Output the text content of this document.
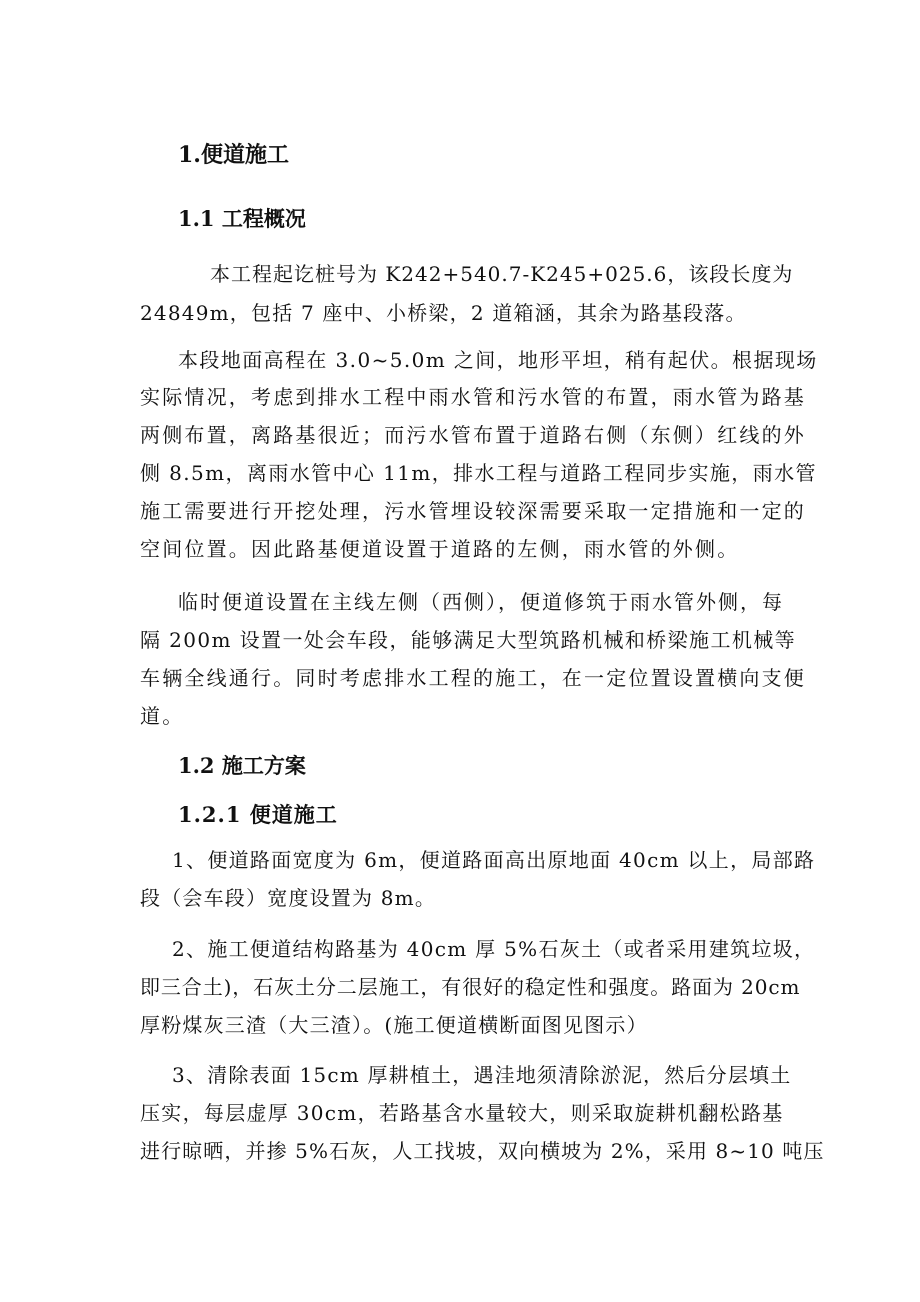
1.便道施工
1.1 工程概况
本工程起讫桩号为 K242+540.7-K245+025.6，该段长度为
24849m，包括 7 座中、小桥梁，2 道箱涵，其余为路基段落。
本段地面高程在 3.0~5.0m 之间，地形平坦，稍有起伏。根据现场
实际情况，考虑到排水工程中雨水管和污水管的布置，雨水管为路基
两侧布置，离路基很近；而污水管布置于道路右侧（东侧）红线的外
侧 8.5m，离雨水管中心 11m，排水工程与道路工程同步实施，雨水管
施工需要进行开挖处理，污水管埋设较深需要采取一定措施和一定的
空间位置。因此路基便道设置于道路的左侧，雨水管的外侧。
临时便道设置在主线左侧（西侧），便道修筑于雨水管外侧，每
隔 200m 设置一处会车段，能够满足大型筑路机械和桥梁施工机械等
车辆全线通行。同时考虑排水工程的施工，在一定位置设置横向支便
道。
1.2 施工方案
1.2.1 便道施工
1、便道路面宽度为 6m，便道路面高出原地面 40cm 以上，局部路
段（会车段）宽度设置为 8m。
2、施工便道结构路基为 40cm 厚 5%石灰土（或者采用建筑垃圾，
即三合土)，石灰土分二层施工，有很好的稳定性和强度。路面为 20cm
厚粉煤灰三渣（大三渣）。(施工便道横断面图见图示）
3、清除表面 15cm 厚耕植土，遇洼地须清除淤泥，然后分层填土
压实，每层虚厚 30cm，若路基含水量较大，则采取旋耕机翻松路基
进行晾晒，并掺 5%石灰，人工找坡，双向横坡为 2%，采用 8~10 吨压
